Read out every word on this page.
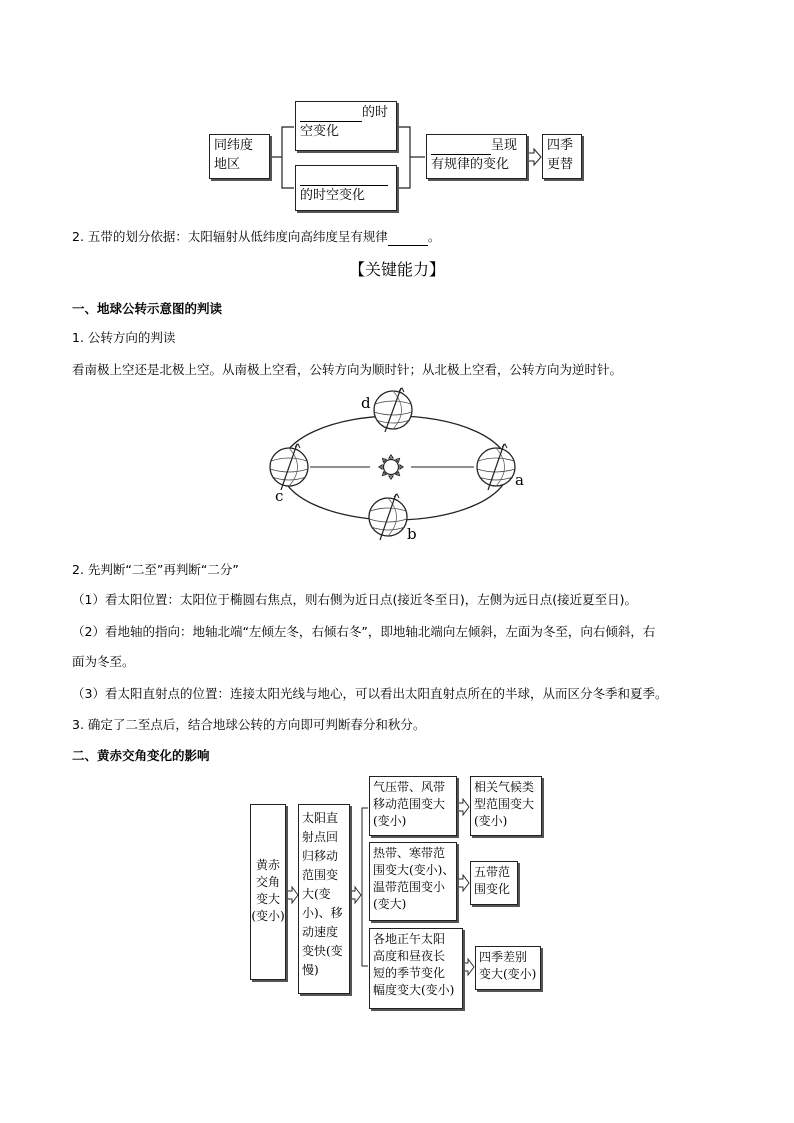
同纬度
地区
的时
空变化
的时空变化
呈现
有规律的变化
四季
更替
2. 五带的划分依据：太阳辐射从低纬度向高纬度呈有规律	。
【关键能力】
一、地球公转示意图的判读
1. 公转方向的判读
看南极上空还是北极上空。从南极上空看，公转方向为顺时针；从北极上空看，公转方向为逆时针。
d
c
a
b
2. 先判断“二至”再判断“二分”
（1）看太阳位置：太阳位于椭圆右焦点，则右侧为近日点(接近冬至日)，左侧为远日点(接近夏至日)。
（2）看地轴的指向：地轴北端“左倾左冬，右倾右冬”，即地轴北端向左倾斜，左面为冬至，向右倾斜，右
面为冬至。
（3）看太阳直射点的位置：连接太阳光线与地心，可以看出太阳直射点所在的半球，从而区分冬季和夏季。
3. 确定了二至点后，结合地球公转的方向即可判断春分和秋分。
二、黄赤交角变化的影响
黄赤
交角
变大
(变小)
太阳直
射点回
归移动
范围变
大(变
小)、移
动速度
变快(变
慢)
气压带、风带
移动范围变大
(变小)
热带、寒带范
围变大(变小)、
温带范围变小
(变大)
各地正午太阳
高度和昼夜长
短的季节变化
幅度变大(变小)
相关气候类
型范围变大
(变小)
五带范
围变化
四季差别
变大(变小)
